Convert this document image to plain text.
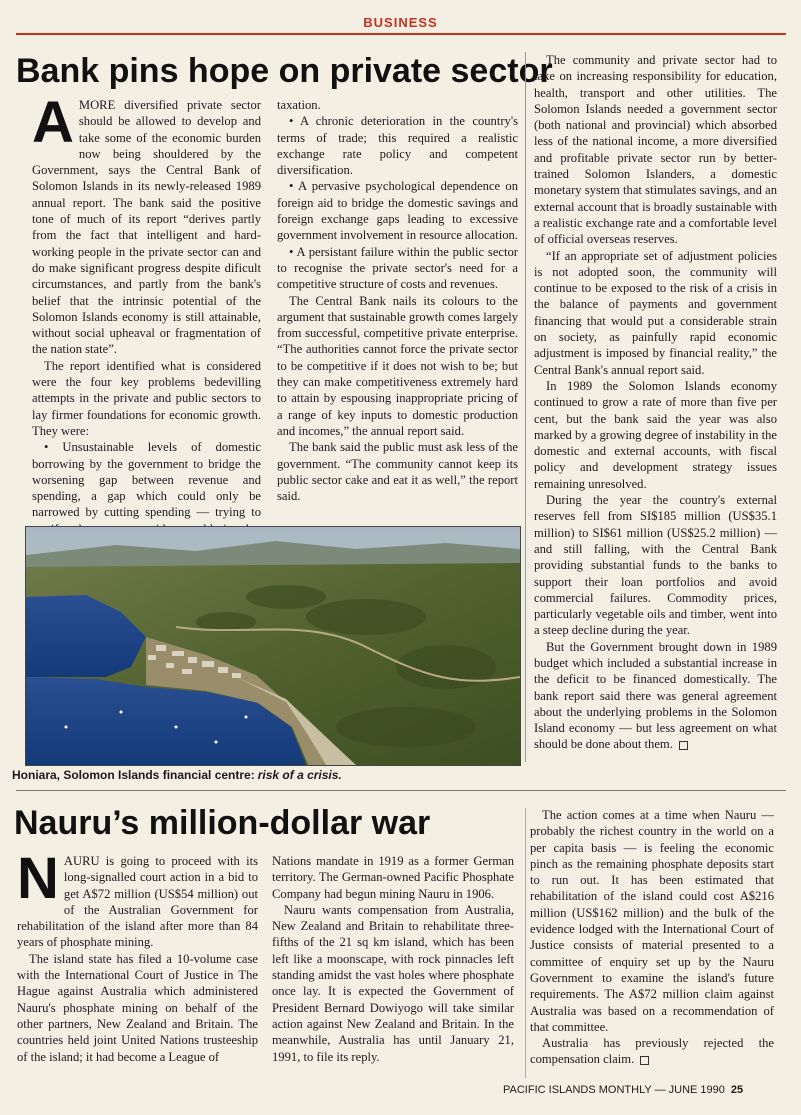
BUSINESS
Bank pins hope on private sector

AMORE diversified private sector should be allowed to develop and take some of the economic burden now being shouldered by the Government, says the Central Bank of Solomon Islands in its newly-released 1989 annual report. The bank said the positive tone of much of its report “derives partly from the fact that intelligent and hard-working people in the private sector can and do make significant progress despite dificult circumstances, and partly from the bank's belief that the intrinsic potential of the Solomon Islands economy is still attainable, without social upheaval or fragmentation of the nation state”.

The report identified what is considered were the four key problems bedevilling attempts in the private and public sectors to lay firmer foundations for economic growth. They were:

• Unsustainable levels of domestic borrowing by the government to bridge the worsening gap between revenue and spending, a gap which could only be narrowed by cutting spending — trying to

taxation.

• A chronic deterioration in the country's terms of trade; this required a realistic exchange rate policy and competent diversification.

• A pervasive psychological dependence on foreign aid to bridge the domestic savings and foreign exchange gaps leading to excessive government involvement in resource allocation.

• A persistant failure within the public sector to recognise the private sector's need for a competitive structure of costs and revenues.

The Central Bank nails its colours to the argument that sustainable growth comes largely from successful, competitive private enterprise. “The authorities cannot force the private sector to be competitive if it does not wish to be; but they can make competitiveness extremely hard to attain by espousing inappropriate pricing of a range of key inputs to domestic production and incomes,” the annual report said.

The bank said the public must ask less of the government. “The community cannot keep its public sector cake and eat it as well,” the report said.

The community and private sector had to take on increasing responsibility for education, health, transport and other utilities. The Solomon Islands needed a government sector (both national and provincial) which absorbed less of the national income, a more diversified and profitable private sector run by better-trained Solomon Islanders, a domestic monetary system that stimulates savings, and an external account that is broadly sustainable with a realistic exchange rate and a comfortable level of official overseas reserves.

“If an appropriate set of adjustment policies is not adopted soon, the community will continue to be exposed to the risk of a crisis in the balance of payments and government financing that would put a considerable strain on society, as painfully rapid economic adjustment is imposed by financial reality,” the Central Bank's annual report said.

In 1989 the Solomon Islands economy continued to grow a rate of more than five per cent, but the bank said the year was also marked by a growing degree of instability in the domestic and external accounts, with fiscal policy and development strategy issues remaining unresolved.

During the year the country's external reserves fell from SI$185 million (US$35.1 million) to SI$61 million (US$25.2 million) — and still falling, with the Central Bank providing substantial funds to the banks to support their loan portfolios and avoid commercial failures. Commodity prices, particularly vegetable oils and timber, went into a steep decline during the year.

But the Government brought down in 1989 budget which included a substantial increase in the deficit to be financed domestically. The bank report said there was general agreement about the underlying problems in the Solomon Island economy — but less agreement on what should be done about them.

Honiara, Solomon Islands financial centre: risk of a crisis.
Nauru’s million-dollar war

NAURU is going to proceed with its long-signalled court action in a bid to get A$72 million (US$54 million) out of the Australian Government for rehabilitation of the island after more than 84 years of phosphate mining.

The island state has filed a 10-volume case with the International Court of Justice in The Hague against Australia which administered Nauru's phosphate mining on behalf of the other partners, New Zealand and Britain. The countries held joint United Nations trusteeship of the island; it had become a League of

Nations mandate in 1919 as a former German territory. The German-owned Pacific Phosphate Company had begun mining Nauru in 1906.

Nauru wants compensation from Australia, New Zealand and Britain to rehabilitate three-fifths of the 21 sq km island, which has been left like a moonscape, with rock pinnacles left standing amidst the vast holes where phosphate once lay. It is expected the Government of President Bernard Dowiyogo will take similar action against New Zealand and Britain. In the meanwhile, Australia has until January 21, 1991, to file its reply.

The action comes at a time when Nauru — probably the richest country in the world on a per capita basis — is feeling the economic pinch as the remaining phosphate deposits start to run out. It has been estimated that rehabilitation of the island could cost A$216 million (US$162 million) and the bulk of the evidence lodged with the International Court of Justice consists of material presented to a committee of enquiry set up by the Nauru Government to examine the island's future requirements. The A$72 million claim against Australia was based on a recommendation of that committee.

Australia has previously rejected the compensation claim.

PACIFIC ISLANDS MONTHLY — JUNE 1990 25
